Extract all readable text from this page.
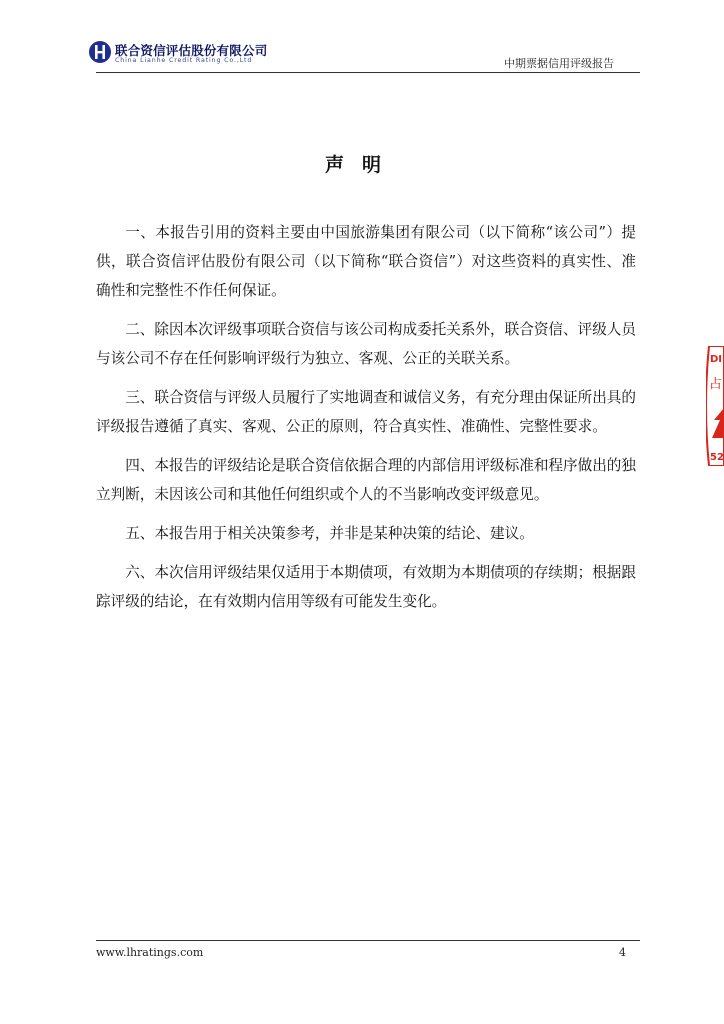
联合资信评估股份有限公司
China Lianhe Credit Rating Co.,Ltd	中期票据信用评级报告
声明

一、本报告引用的资料主要由中国旅游集团有限公司（以下简称“该公司”）提供，联合资信评估股份有限公司（以下简称“联合资信”）对这些资料的真实性、准确性和完整性不作任何保证。

二、除因本次评级事项联合资信与该公司构成委托关系外，联合资信、评级人员与该公司不存在任何影响评级行为独立、客观、公正的关联关系。

三、联合资信与评级人员履行了实地调查和诚信义务，有充分理由保证所出具的评级报告遵循了真实、客观、公正的原则，符合真实性、准确性、完整性要求。

四、本报告的评级结论是联合资信依据合理的内部信用评级标准和程序做出的独立判断，未因该公司和其他任何组织或个人的不当影响改变评级意见。

五、本报告用于相关决策参考，并非是某种决策的结论、建议。

六、本次信用评级结果仅适用于本期债项，有效期为本期债项的存续期；根据跟踪评级的结论，在有效期内信用等级有可能发生变化。

DI
占
52
www.lhratings.com	4
